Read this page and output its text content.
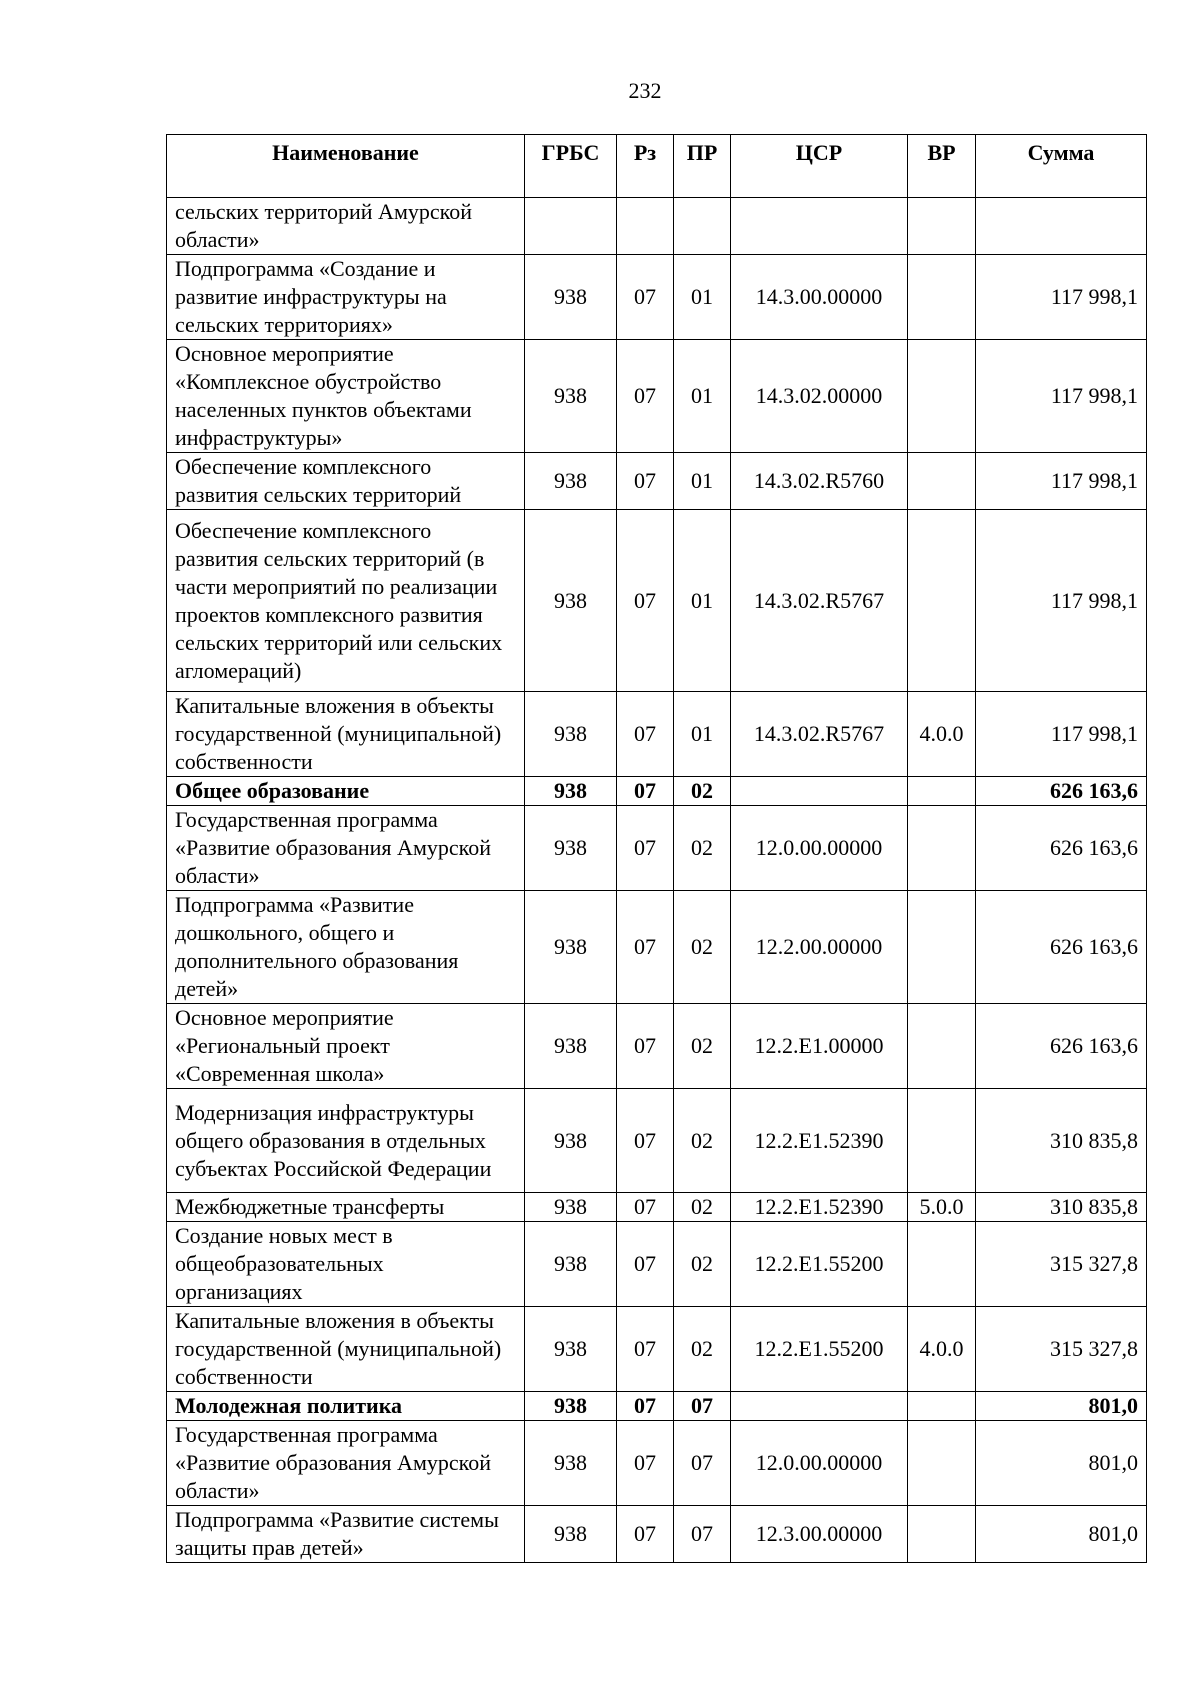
232
Наименование	ГРБС	Рз	ПР	ЦСР	ВР	Сумма
сельских территорий Амурской области»						
Подпрограмма «Создание и развитие инфраструктуры на сельских территориях»	938	07	01	14.3.00.00000		117 998,1
Основное мероприятие «Комплексное обустройство населенных пунктов объектами инфраструктуры»	938	07	01	14.3.02.00000		117 998,1
Обеспечение комплексного развития сельских территорий	938	07	01	14.3.02.R5760		117 998,1
Обеспечение комплексного развития сельских территорий (в части мероприятий по реализации проектов комплексного развития сельских территорий или сельских агломераций)	938	07	01	14.3.02.R5767		117 998,1
Капитальные вложения в объекты государственной (муниципальной) собственности	938	07	01	14.3.02.R5767	4.0.0	117 998,1
Общее образование	938	07	02			626 163,6
Государственная программа «Развитие образования Амурской области»	938	07	02	12.0.00.00000		626 163,6
Подпрограмма «Развитие дошкольного, общего и дополнительного образования детей»	938	07	02	12.2.00.00000		626 163,6
Основное мероприятие «Региональный проект «Современная школа»	938	07	02	12.2.E1.00000		626 163,6
Модернизация инфраструктуры общего образования в отдельных субъектах Российской Федерации	938	07	02	12.2.E1.52390		310 835,8
Межбюджетные трансферты	938	07	02	12.2.E1.52390	5.0.0	310 835,8
Создание новых мест в общеобразовательных организациях	938	07	02	12.2.E1.55200		315 327,8
Капитальные вложения в объекты государственной (муниципальной) собственности	938	07	02	12.2.E1.55200	4.0.0	315 327,8
Молодежная политика	938	07	07			801,0
Государственная программа «Развитие образования Амурской области»	938	07	07	12.0.00.00000		801,0
Подпрограмма «Развитие системы защиты прав детей»	938	07	07	12.3.00.00000		801,0
